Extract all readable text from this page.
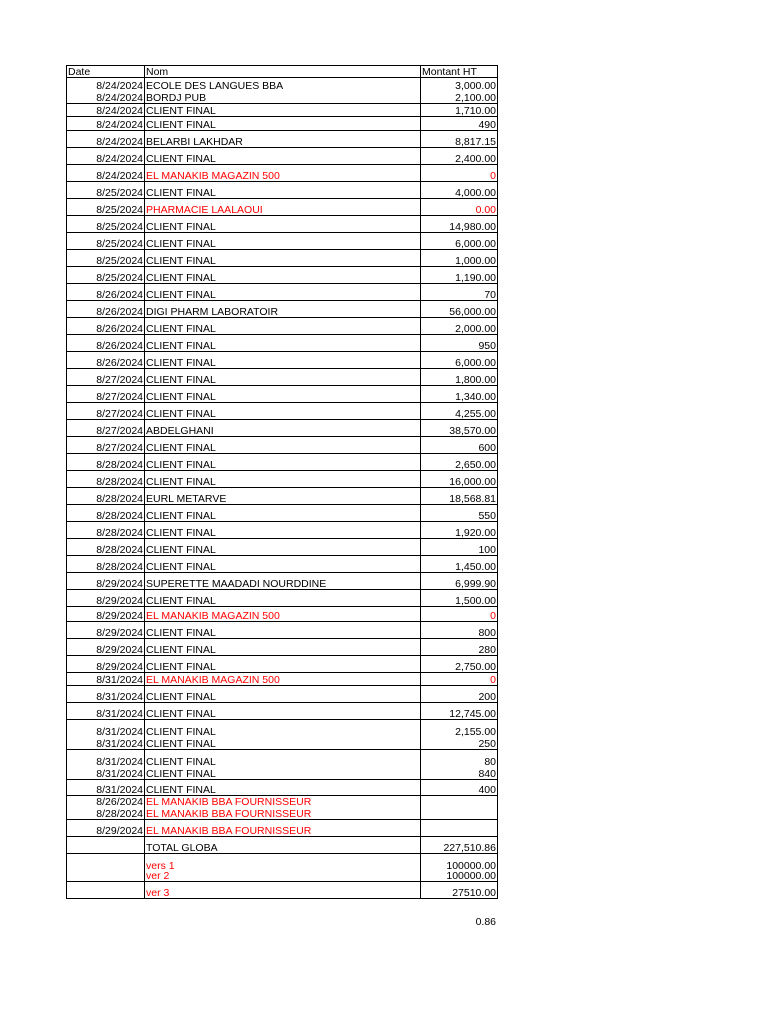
Date	Nom	Montant HT
8/24/2024	ECOLE DES LANGUES BBA	3,000.00
8/24/2024	BORDJ PUB	2,100.00
8/24/2024	CLIENT FINAL	1,710.00
8/24/2024	CLIENT FINAL	490
8/24/2024	BELARBI LAKHDAR	8,817.15
8/24/2024	CLIENT FINAL	2,400.00
8/24/2024	EL MANAKIB MAGAZIN 500	0
8/25/2024	CLIENT FINAL	4,000.00
8/25/2024	PHARMACIE LAALAOUI	0.00
8/25/2024	CLIENT FINAL	14,980.00
8/25/2024	CLIENT FINAL	6,000.00
8/25/2024	CLIENT FINAL	1,000.00
8/25/2024	CLIENT FINAL	1,190.00
8/26/2024	CLIENT FINAL	70
8/26/2024	DIGI PHARM LABORATOIR	56,000.00
8/26/2024	CLIENT FINAL	2,000.00
8/26/2024	CLIENT FINAL	950
8/26/2024	CLIENT FINAL	6,000.00
8/27/2024	CLIENT FINAL	1,800.00
8/27/2024	CLIENT FINAL	1,340.00
8/27/2024	CLIENT FINAL	4,255.00
8/27/2024	ABDELGHANI	38,570.00
8/27/2024	CLIENT FINAL	600
8/28/2024	CLIENT FINAL	2,650.00
8/28/2024	CLIENT FINAL	16,000.00
8/28/2024	EURL METARVE	18,568.81
8/28/2024	CLIENT FINAL	550
8/28/2024	CLIENT FINAL	1,920.00
8/28/2024	CLIENT FINAL	100
8/28/2024	CLIENT FINAL	1,450.00
8/29/2024	SUPERETTE MAADADI NOURDDINE	6,999.90
8/29/2024	CLIENT FINAL	1,500.00
8/29/2024	EL MANAKIB MAGAZIN 500	0
8/29/2024	CLIENT FINAL	800
8/29/2024	CLIENT FINAL	280
8/29/2024	CLIENT FINAL	2,750.00
8/31/2024	EL MANAKIB MAGAZIN 500	0
8/31/2024	CLIENT FINAL	200
8/31/2024	CLIENT FINAL	12,745.00
8/31/2024	CLIENT FINAL	2,155.00
8/31/2024	CLIENT FINAL	250
8/31/2024	CLIENT FINAL	80
8/31/2024	CLIENT FINAL	840
8/31/2024	CLIENT FINAL	400
8/26/2024	EL MANAKIB BBA FOURNISSEUR	
8/28/2024	EL MANAKIB BBA FOURNISSEUR	
8/29/2024	EL MANAKIB BBA FOURNISSEUR	
	TOTAL GLOBA	227,510.86
	vers 1	100000.00
	ver 2	100000.00
	ver 3	27510.00
0.86
